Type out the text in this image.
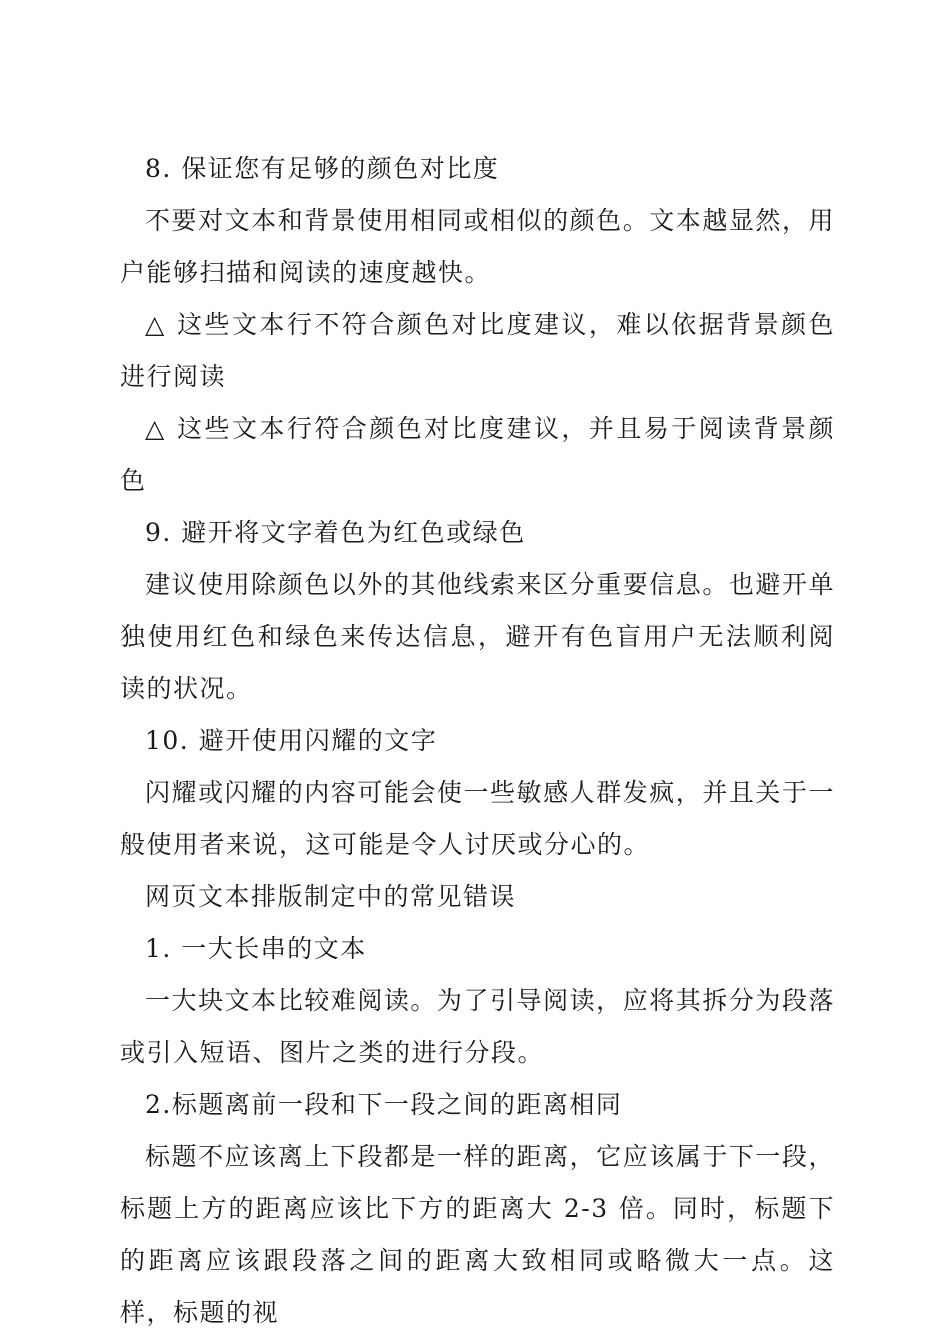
8. 保证您有足够的颜色对比度

不要对文本和背景使用相同或相似的颜色。文本越显然，用户能够扫描和阅读的速度越快。

△ 这些文本行不符合颜色对比度建议，难以依据背景颜色进行阅读

△ 这些文本行符合颜色对比度建议，并且易于阅读背景颜色

9. 避开将文字着色为红色或绿色

建议使用除颜色以外的其他线索来区分重要信息。也避开单独使用红色和绿色来传达信息，避开有色盲用户无法顺利阅读的状况。

10. 避开使用闪耀的文字

闪耀或闪耀的内容可能会使一些敏感人群发疯，并且关于一般使用者来说，这可能是令人讨厌或分心的。

网页文本排版制定中的常见错误

1. 一大长串的文本

一大块文本比较难阅读。为了引导阅读，应将其拆分为段落或引入短语、图片之类的进行分段。

2.标题离前一段和下一段之间的距离相同

标题不应该离上下段都是一样的距离，它应该属于下一段，标题上方的距离应该比下方的距离大 2-3 倍。同时，标题下的距离应该跟段落之间的距离大致相同或略微大一点。这样，标题的视
